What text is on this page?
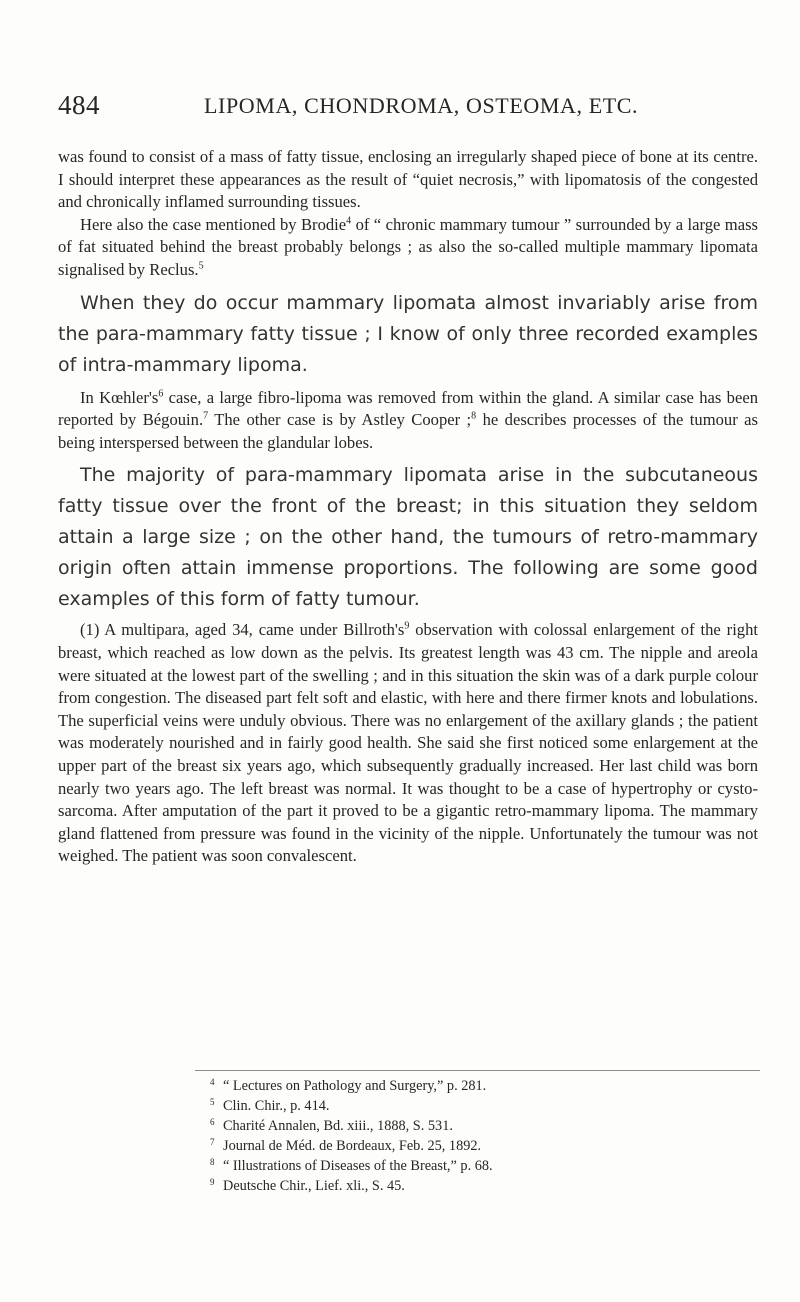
484	LIPOMA, CHONDROMA, OSTEOMA, ETC.

was found to consist of a mass of fatty tissue, enclosing an irregularly shaped piece of bone at its centre. I should interpret these appearances as the result of “quiet necrosis,” with lipomatosis of the congested and chronically inflamed surrounding tissues.

Here also the case mentioned by Brodie$^4$ of “ chronic mammary tumour ” surrounded by a large mass of fat situated behind the breast probably belongs ; as also the so-called multiple mammary lipomata signalised by Reclus.$^5$

When they do occur mammary lipomata almost invariably arise from the para-mammary fatty tissue ; I know of only three recorded examples of intra-mammary lipoma.

In $Kœhler's^6$ case, a large fibro-lipoma was removed from within the gland. A similar case has been reported by Bégouin.$^7$ The other case is by Astley Cooper ;$^8$ he describes processes of the tumour as being interspersed between the glandular lobes.

The majority of para-mammary lipomata arise in the subcutaneous fatty tissue over the front of the breast; in this situation they seldom attain a large size ; on the other hand, the tumours of retro-mammary origin often attain immense proportions. The following are some good examples of this form of fatty tumour.

(1) A multipara, aged 34, came under $Billroth's^9$ observation with colossal enlargement of the right breast, which reached as low down as the pelvis. Its greatest length was 43 cm. The nipple and areola were situated at the lowest part of the swelling ; and in this situation the skin was of a dark purple colour from congestion. The diseased part felt soft and elastic, with here and there firmer knots and lobulations. The superficial veins were unduly obvious. There was no enlargement of the axillary glands ; the patient was moderately nourished and in fairly good health. She said she first noticed some enlargement at the upper part of the breast six years ago, which subsequently gradually increased. Her last child was born nearly two years ago. The left breast was normal. It was thought to be a case of hypertrophy or cysto-sarcoma. After amputation of the part it proved to be a gigantic retro-mammary lipoma. The mammary gland flattened from pressure was found in the vicinity of the nipple. Unfortunately the tumour was not weighed. The patient was soon convalescent.

4 “ Lectures on Pathology and Surgery,” p. 281.
5 Clin. Chir., p. 414.
6 Charité Annalen, Bd. xiii., 1888, S. 531.
7 Journal de Méd. de Bordeaux, Feb. 25, 1892.
8 “ Illustrations of Diseases of the Breast,” p. 68.
9 Deutsche Chir., Lief. xli., S. 45.
